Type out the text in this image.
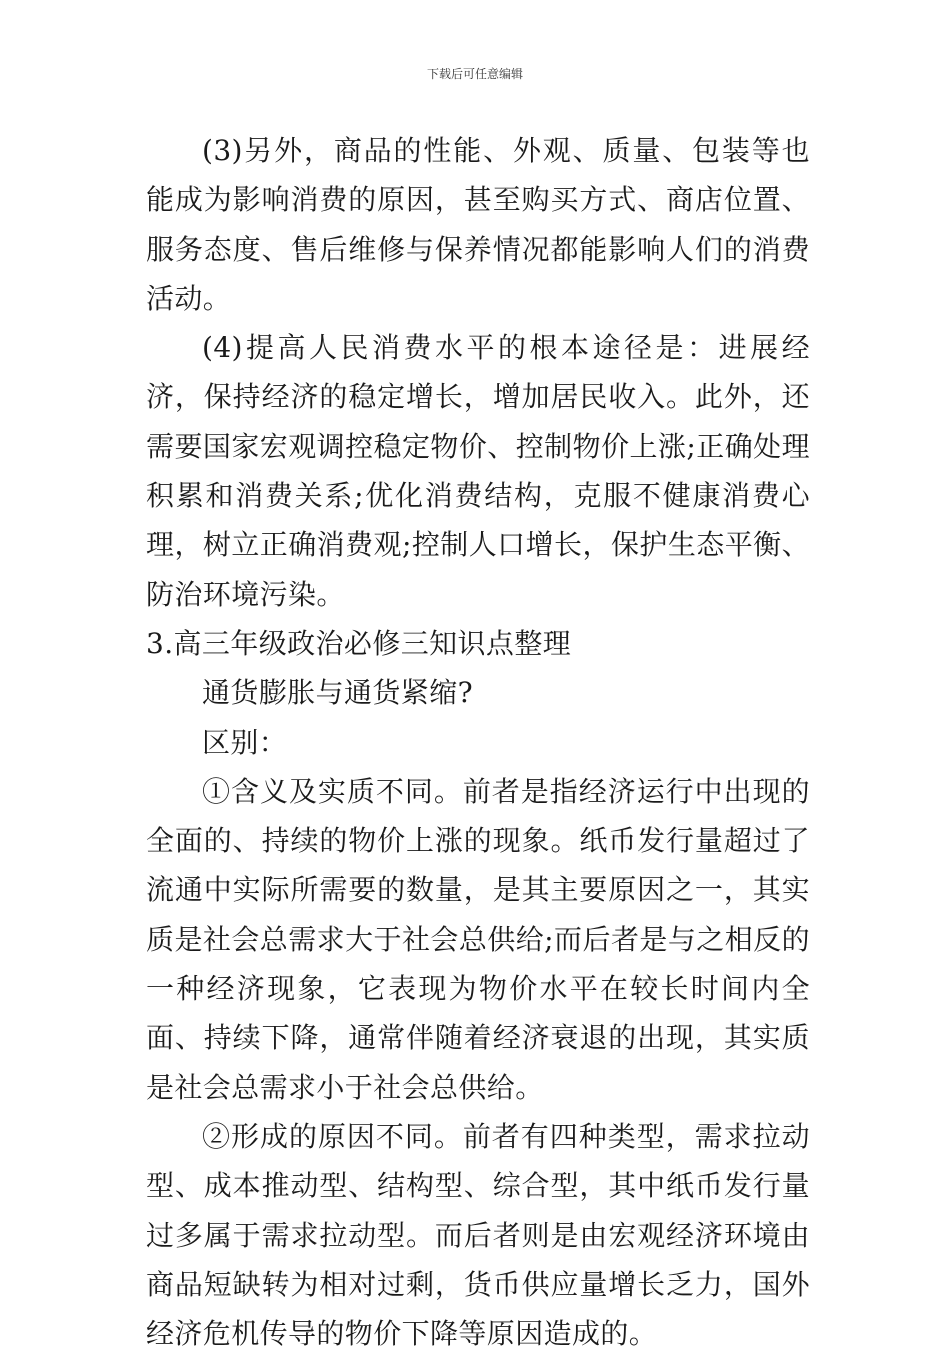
下载后可任意编辑

(3)另外，商品的性能、外观、质量、包装等也能成为影响消费的原因，甚至购买方式、商店位置、服务态度、售后维修与保养情况都能影响人们的消费活动。

(4)提高人民消费水平的根本途径是：进展经济，保持经济的稳定增长，增加居民收入。此外，还需要国家宏观调控稳定物价、控制物价上涨;正确处理积累和消费关系;优化消费结构，克服不健康消费心理，树立正确消费观;控制人口增长，保护生态平衡、防治环境污染。

3.高三年级政治必修三知识点整理

通货膨胀与通货紧缩?

区别：

①含义及实质不同。前者是指经济运行中出现的全面的、持续的物价上涨的现象。纸币发行量超过了流通中实际所需要的数量，是其主要原因之一，其实质是社会总需求大于社会总供给;而后者是与之相反的一种经济现象，它表现为物价水平在较长时间内全面、持续下降，通常伴随着经济衰退的出现，其实质是社会总需求小于社会总供给。

②形成的原因不同。前者有四种类型，需求拉动型、成本推动型、结构型、综合型，其中纸币发行量过多属于需求拉动型。而后者则是由宏观经济环境由商品短缺转为相对过剩，货币供应量增长乏力，国外经济危机传导的物价下降等原因造成的。
